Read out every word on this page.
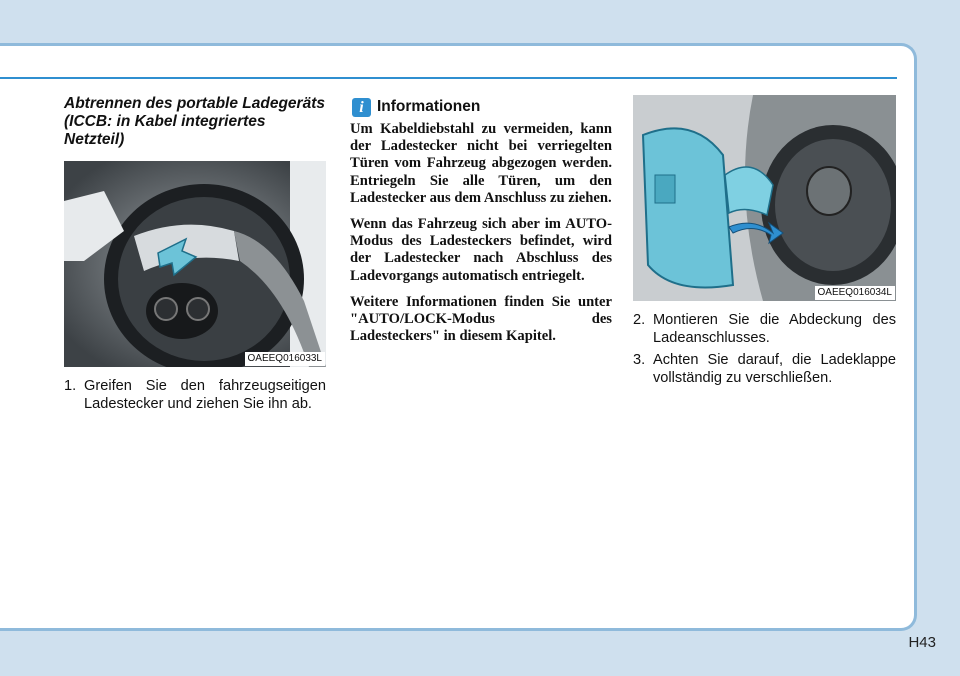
Abtrennen des portable Ladegeräts (ICCB: in Kabel integriertes Netzteil)
OAEEQ016033L

1. Greifen Sie den fahrzeugseitigen Ladestecker und ziehen Sie ihn ab.

i Informationen

Um Kabeldiebstahl zu vermeiden, kann der Ladestecker nicht bei verriegelten Türen vom Fahrzeug abgezogen werden. Entriegeln Sie alle Türen, um den Ladestecker aus dem Anschluss zu ziehen.

Wenn das Fahrzeug sich aber im AUTO-Modus des Ladesteckers befindet, wird der Ladestecker nach Abschluss des Ladevorgangs automatisch entriegelt.

Weitere Informationen finden Sie unter "AUTO/LOCK-Modus des Ladesteckers" in diesem Kapitel.

OAEEQ016034L

2. Montieren Sie die Abdeckung des Ladeanschlusses.

3. Achten Sie darauf, die Ladeklappe vollständig zu verschließen.

H43
